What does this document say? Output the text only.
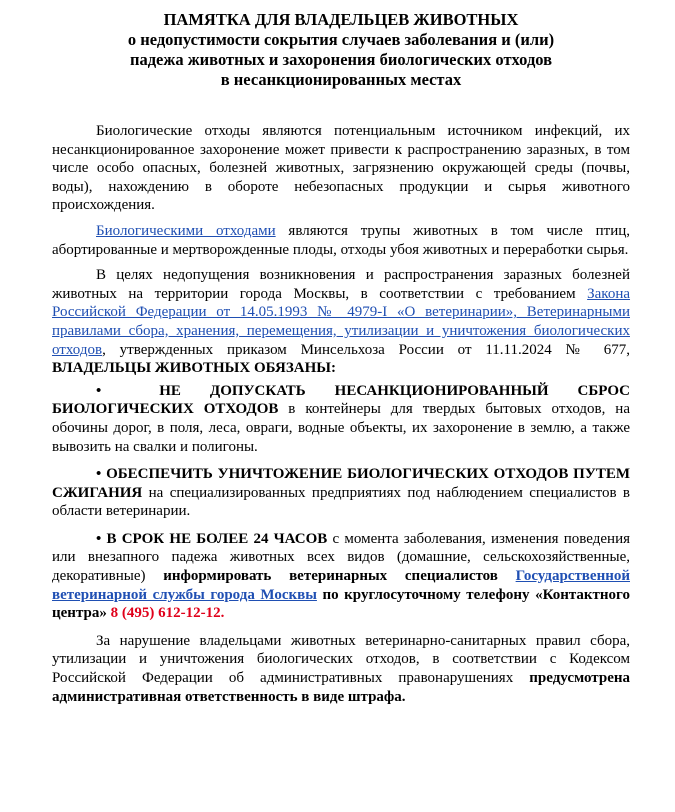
ПАМЯТКА ДЛЯ ВЛАДЕЛЬЦЕВ ЖИВОТНЫХ
о недопустимости сокрытия случаев заболевания и (или)
падежа животных и захоронения биологических отходов
в несанкционированных местах

Биологические отходы являются потенциальным источником инфекций, их несанкционированное захоронение может привести к распространению заразных, в том числе особо опасных, болезней животных, загрязнению окружающей среды (почвы, воды), нахождению в обороте небезопасных продукции и сырья животного происхождения.

Биологическими отходами являются трупы животных в том числе птиц, абортированные и мертворожденные плоды, отходы убоя животных и переработки сырья.

В целях недопущения возникновения и распространения заразных болезней животных на территории города Москвы, в соответствии с требованием Закона Российской Федерации от 14.05.1993 № 4979-I «О ветеринарии», Ветеринарными правилами сбора, хранения, перемещения, утилизации и уничтожения биологических отходов, утвержденных приказом Минсельхоза России от 11.11.2024 № 677, ВЛАДЕЛЬЦЫ ЖИВОТНЫХ ОБЯЗАНЫ:

•	НЕ ДОПУСКАТЬ НЕСАНКЦИОНИРОВАННЫЙ СБРОС БИОЛОГИЧЕСКИХ ОТХОДОВ в контейнеры для твердых бытовых отходов, на обочины дорог, в поля, леса, овраги, водные объекты, их захоронение в землю, а также вывозить на свалки и полигоны.

• ОБЕСПЕЧИТЬ УНИЧТОЖЕНИЕ БИОЛОГИЧЕСКИХ ОТХОДОВ ПУТЕМ СЖИГАНИЯ на специализированных предприятиях под наблюдением специалистов в области ветеринарии.

• В СРОК НЕ БОЛЕЕ 24 ЧАСОВ с момента заболевания, изменения поведения или внезапного падежа животных всех видов (домашние, сельскохозяйственные, декоративные) информировать ветеринарных специалистов Государственной ветеринарной службы города Москвы по круглосуточному телефону «Контактного центра» 8 (495) 612-12-12.

За нарушение владельцами животных ветеринарно-санитарных правил сбора, утилизации и уничтожения биологических отходов, в соответствии с Кодексом Российской Федерации об административных правонарушениях предусмотрена административная ответственность в виде штрафа.
